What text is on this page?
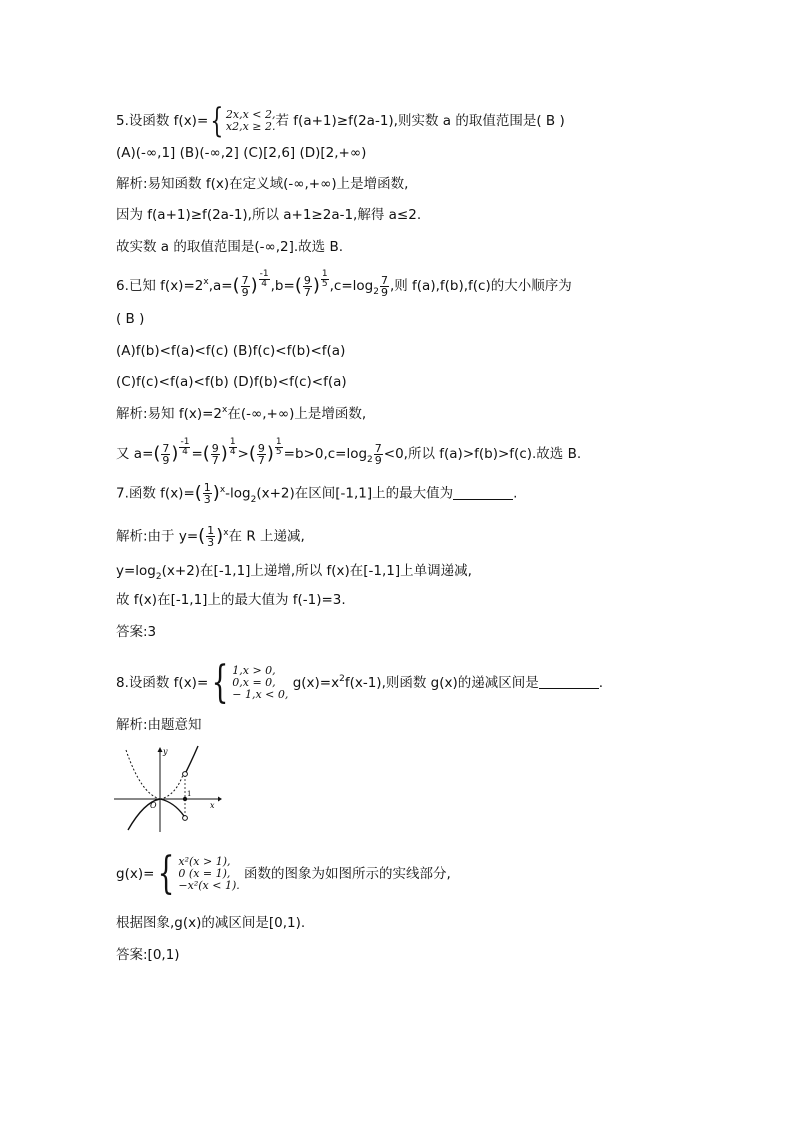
5.设函数 f(x)={ 2x,x < 2,
x2,x ≥ 2. 若 f(a+1)≥f(2a-1),则实数 a 的取值范围是( B )
(A)(-∞,1] (B)(-∞,2] (C)[2,6] (D)[2,+∞)
解析:易知函数 f(x)在定义域(-∞,+∞)上是增函数,
因为 f(a+1)≥f(2a-1),所以 a+1≥2a-1,解得 a≤2.
故实数 a 的取值范围是(-∞,2].故选 B.
6.已知 $f(x)=2^x,a=( \frac{7}{9}$ ) $\frac{-1}{4} ,b=( \frac{9}{7}$ ) $\frac{1}{5} ,c=\log_2 \frac{7}{9}$ ,则 f(a),f(b),f(c)的大小顺序为
( B )
(A)f(b)<f(a)<f(c) (B)f(c)<f(b)<f(a)
(C)f(c)<f(a)<f(b) (D)f(b)<f(c)<f(a)
解析:易知 $f(x)=2^x$在(-∞,+∞)上是增函数,
又 $a=( \frac{7}{9}$ ) $\frac{-1}{4}$ =( $\frac{9}{7}$ ) $\frac{1}{4}$ >( $\frac{9}{7}$ ) $\frac{1}{5} =b>0,c=\log_2 \frac{7}{9} <0$,所以 f(a)>f(b)>f(c).故选 B.
7.函数 $f(x)=( \frac{1}{3} )^x-\log_2(x+2)$在区间[-1,1]上的最大值为	.
解析:由于 $y=( \frac{1}{3} )^x$在 R 上递减,
$y=\log_2(x+2)$在[-1,1]上递增,所以 f(x)在[-1,1]上单调递减,
故 f(x)在[-1,1]上的最大值为 f(-1)=3.
答案:3
8.设函数 f(x)={ 1,x > 0,
0,x = 0,
− 1,x < 0,
$g(x)=x^2f(x-1)$,则函数 g(x)的递减区间是	.
解析:由题意知
y
x
O
1
g(x)={ x²(x > 1),
0 (x = 1),
−x²(x < 1).
函数的图象为如图所示的实线部分,
根据图象,g(x)的减区间是[0,1).
答案:[0,1)
